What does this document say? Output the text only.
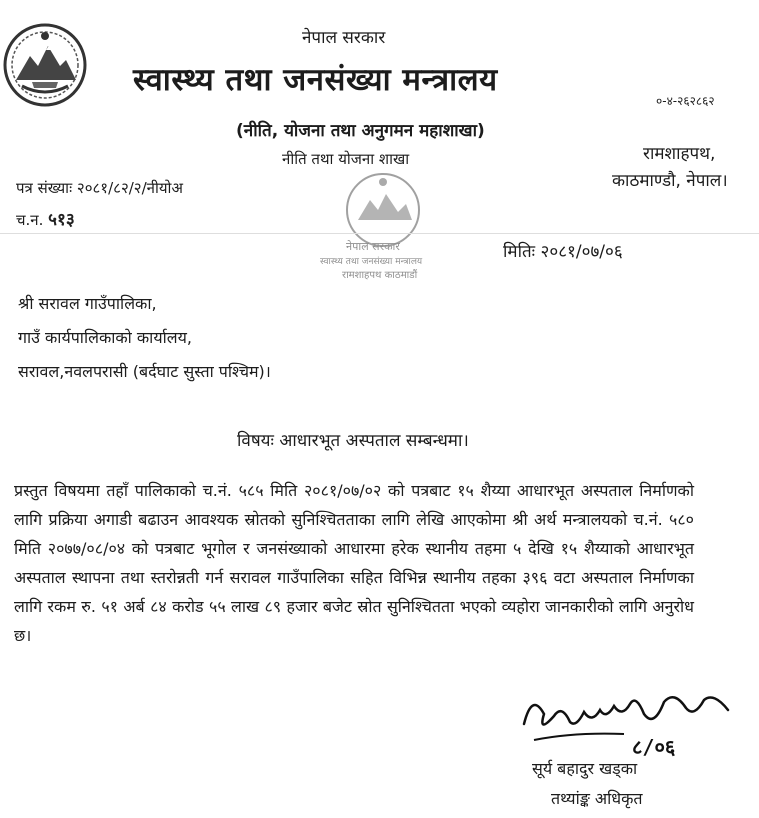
नेपाल सरकार
स्वास्थ्य तथा जनसंख्या मन्त्रालय
०-४-२६२८६२
(नीति, योजना तथा अनुगमन महाशाखा)
नीति तथा योजना शाखा	रामशाहपथ,
काठमाण्डौ, नेपाल।
नेपाल सरकार
स्वास्थ्य तथा जनसंख्या मन्त्रालय
रामशाहपथ काठमाडौं
पत्र संख्याः २०८१/८२/२/नीयोअ
च.न. ५१३
मितिः २०८१/०७/०६
श्री सरावल गाउँपालिका,
गाउँ कार्यपालिकाको कार्यालय,
सरावल,नवलपरासी (बर्दघाट सुस्ता पश्चिम)।
विषयः आधारभूत अस्पताल सम्बन्धमा।

प्रस्तुत विषयमा तहाँ पालिकाको च.नं. ५८५ मिति २०८१/०७/०२ को पत्रबाट १५ शैय्या आधारभूत अस्पताल निर्माणको लागि प्रक्रिया अगाडी बढाउन आवश्यक स्रोतको सुनिश्चितताका लागि लेखि आएकोमा श्री अर्थ मन्त्रालयको च.नं. ५८० मिति २०७७/०८/०४ को पत्रबाट भूगोल र जनसंख्याको आधारमा हरेक स्थानीय तहमा ५ देखि १५ शैय्याको आधारभूत अस्पताल स्थापना तथा स्तरोन्नती गर्न सरावल गाउँपालिका सहित विभिन्न स्थानीय तहका ३९६ वटा अस्पताल निर्माणका लागि रकम रु. ५१ अर्ब ८४ करोड ५५ लाख ८९ हजार बजेट स्रोत सुनिश्चितता भएको व्यहोरा जानकारीको लागि अनुरोध छ।

८/०६
सूर्य बहादुर खड्का
तथ्यांङ्क अधिकृत
